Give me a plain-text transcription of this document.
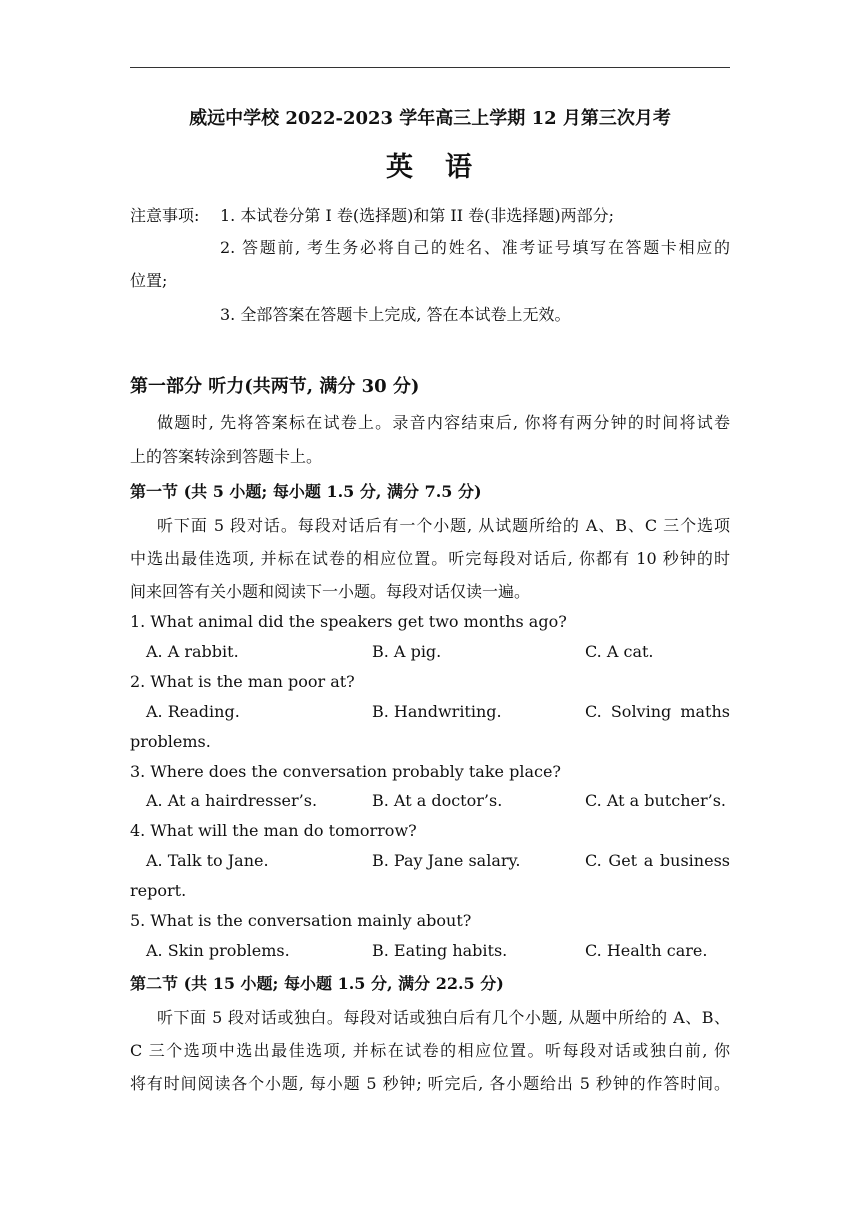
威远中学校 2022-2023 学年高三上学期 12 月第三次月考
英 语
注意事项: 1. 本试卷分第 I 卷(选择题)和第 II 卷(非选择题)两部分;
2. 答题前, 考生务必将自己的姓名、准考证号填写在答题卡相应的
位置;
3. 全部答案在答题卡上完成, 答在本试卷上无效。
第一部分 听力(共两节, 满分 30 分)
做题时, 先将答案标在试卷上。录音内容结束后, 你将有两分钟的时间将试卷
上的答案转涂到答题卡上。
第一节 (共 5 小题; 每小题 1.5 分, 满分 7.5 分)
听下面 5 段对话。每段对话后有一个小题, 从试题所给的 A、B、C 三个选项
中选出最佳选项, 并标在试卷的相应位置。听完每段对话后, 你都有 10 秒钟的时
间来回答有关小题和阅读下一小题。每段对话仅读一遍。
1. What animal did the speakers get two months ago?
A. A rabbit.	B. A pig.	C. A cat.
2. What is the man poor at?
A. Reading.	B. Handwriting.	C. Solving maths
problems.
3. Where does the conversation probably take place?
A. At a hairdresser’s.	B. At a doctor’s.	C. At a butcher’s.
4. What will the man do tomorrow?
A. Talk to Jane.	B. Pay Jane salary.	C. Get a business
report.
5. What is the conversation mainly about?
A. Skin problems.	B. Eating habits.	C. Health care.
第二节 (共 15 小题; 每小题 1.5 分, 满分 22.5 分)
听下面 5 段对话或独白。每段对话或独白后有几个小题, 从题中所给的 A、B、
C 三个选项中选出最佳选项, 并标在试卷的相应位置。听每段对话或独白前, 你
将有时间阅读各个小题, 每小题 5 秒钟; 听完后, 各小题给出 5 秒钟的作答时间。
